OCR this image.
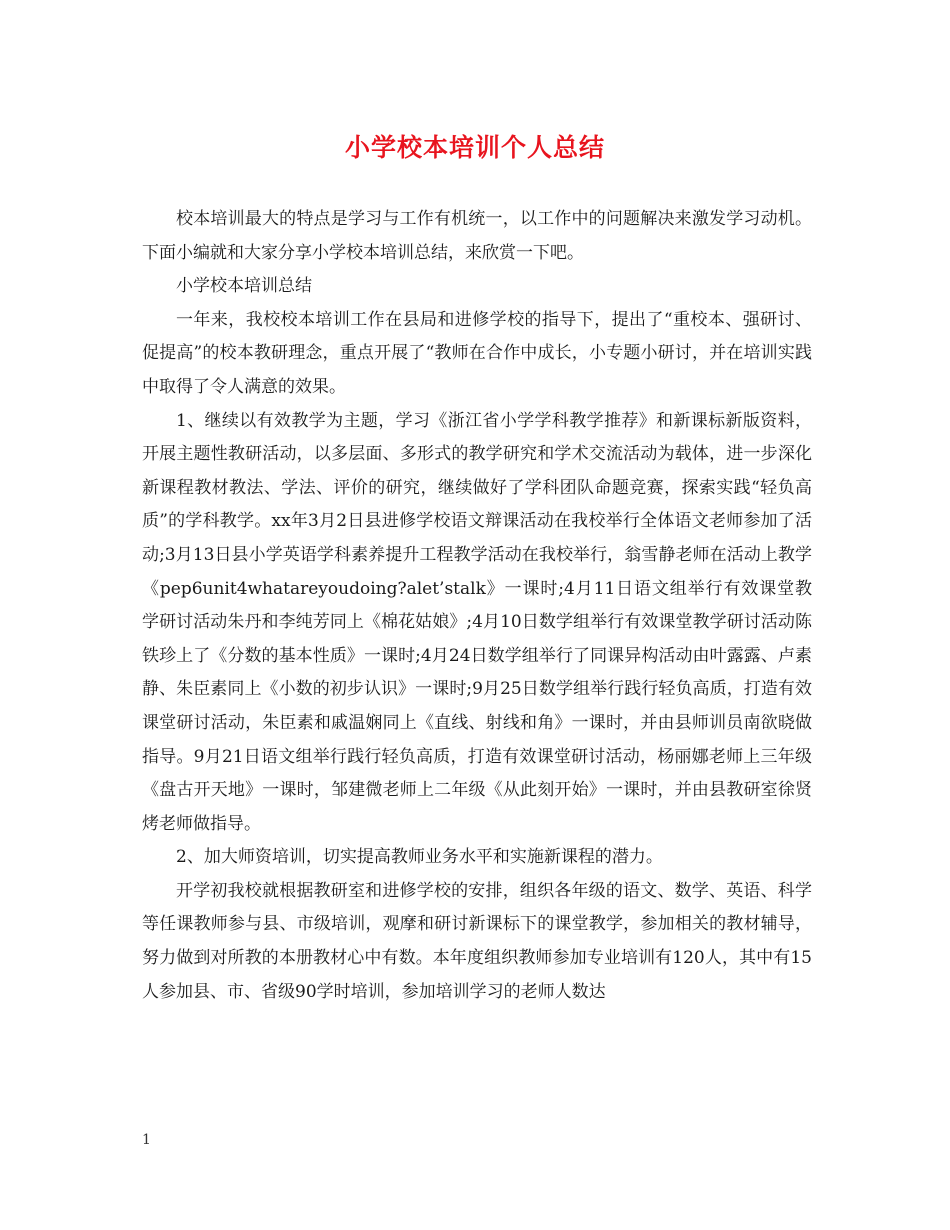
小学校本培训个人总结

校本培训最大的特点是学习与工作有机统一，以工作中的问题解决来激发学习动机。下面小编就和大家分享小学校本培训总结，来欣赏一下吧。

小学校本培训总结

一年来，我校校本培训工作在县局和进修学校的指导下，提出了“重校本、强研讨、促提高”的校本教研理念，重点开展了“教师在合作中成长，小专题小研讨，并在培训实践中取得了令人满意的效果。

1、继续以有效教学为主题，学习《浙江省小学学科教学推荐》和新课标新版资料，开展主题性教研活动，以多层面、多形式的教学研究和学术交流活动为载体，进一步深化新课程教材教法、学法、评价的研究，继续做好了学科团队命题竞赛，探索实践“轻负高质”的学科教学。xx年3月2日县进修学校语文辩课活动在我校举行全体语文老师参加了活动;3月13日县小学英语学科素养提升工程教学活动在我校举行，翁雪静老师在活动上教学《pep6unit4whatareyoudoing?alet’stalk》一课时;4月11日语文组举行有效课堂教学研讨活动朱丹和李纯芳同上《棉花姑娘》;4月10日数学组举行有效课堂教学研讨活动陈铁珍上了《分数的基本性质》一课时;4月24日数学组举行了同课异构活动由叶露露、卢素静、朱臣素同上《小数的初步认识》一课时;9月25日数学组举行践行轻负高质，打造有效课堂研讨活动，朱臣素和戚温娴同上《直线、射线和角》一课时，并由县师训员南欲晓做指导。9月21日语文组举行践行轻负高质，打造有效课堂研讨活动，杨丽娜老师上三年级《盘古开天地》一课时，邹建微老师上二年级《从此刻开始》一课时，并由县教研室徐贤烤老师做指导。

2、加大师资培训，切实提高教师业务水平和实施新课程的潜力。

开学初我校就根据教研室和进修学校的安排，组织各年级的语文、数学、英语、科学等任课教师参与县、市级培训，观摩和研讨新课标下的课堂教学，参加相关的教材辅导，努力做到对所教的本册教材心中有数。本年度组织教师参加专业培训有120人，其中有15人参加县、市、省级90学时培训，参加培训学习的老师人数达

1
